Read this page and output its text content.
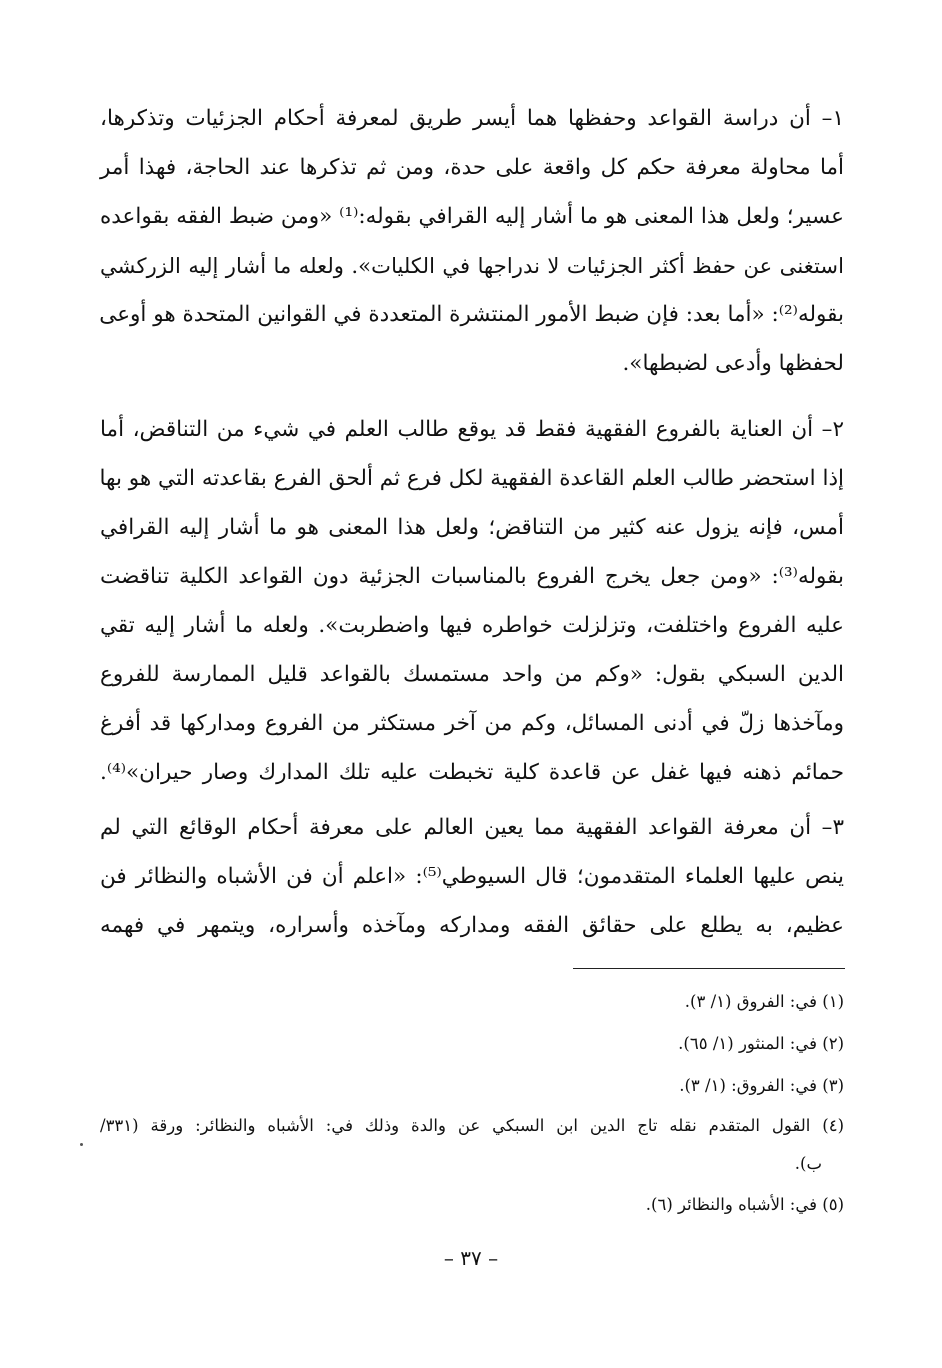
١– أن دراسة القواعد وحفظها هما أيسر طريق لمعرفة أحكام الجزئيات وتذكرها،
أما محاولة معرفة حكم كل واقعة على حدة، ومن ثم تذكرها عند الحاجة، فهذا أمر
عسير؛ ولعل هذا المعنى هو ما أشار إليه القرافي بقوله:⁽¹⁾ «ومن ضبط الفقه بقواعده
استغنى عن حفظ أكثر الجزئيات لا ندراجها في الكليات». ولعله ما أشار إليه الزركشي
بقوله⁽²⁾: «أما بعد: فإن ضبط الأمور المنتشرة المتعددة في القوانين المتحدة هو أوعى
لحفظها وأدعى لضبطها».
٢– أن العناية بالفروع الفقهية فقط قد يوقع طالب العلم في شيء من التناقض، أما
إذا استحضر طالب العلم القاعدة الفقهية لكل فرع ثم ألحق الفرع بقاعدته التي هو بها
أمس، فإنه يزول عنه كثير من التناقض؛ ولعل هذا المعنى هو ما أشار إليه القرافي
بقوله⁽³⁾: «ومن جعل يخرج الفروع بالمناسبات الجزئية دون القواعد الكلية تناقضت
عليه الفروع واختلفت، وتزلزلت خواطره فيها واضطربت». ولعله ما أشار إليه تقي
الدين السبكي بقول: «وكم من واحد مستمسك بالقواعد قليل الممارسة للفروع
ومآخذها زلّ في أدنى المسائل، وكم من آخر مستكثر من الفروع ومداركها قد أفرغ
حمائم ذهنه فيها غفل عن قاعدة كلية تخبطت عليه تلك المدارك وصار حيران»⁽⁴⁾.
٣– أن معرفة القواعد الفقهية مما يعين العالم على معرفة أحكام الوقائع التي لم
ينص عليها العلماء المتقدمون؛ قال السيوطي⁽⁵⁾: «اعلم أن فن الأشباه والنظائر فن
عظيم، به يطلع على حقائق الفقه ومداركه ومآخذه وأسراره، ويتمهر في فهمه
(١) في: الفروق (١/ ٣).
(٢) في: المنثور (١/ ٦٥).
(٣) في: الفروق: (١/ ٣).
(٤) القول المتقدم نقله تاج الدين ابن السبكي عن والدة وذلك في: الأشباه والنظائر: ورقة (٣٣١/
ب).
(٥) في: الأشباه والنظائر (٦).
– ٣٧ –
